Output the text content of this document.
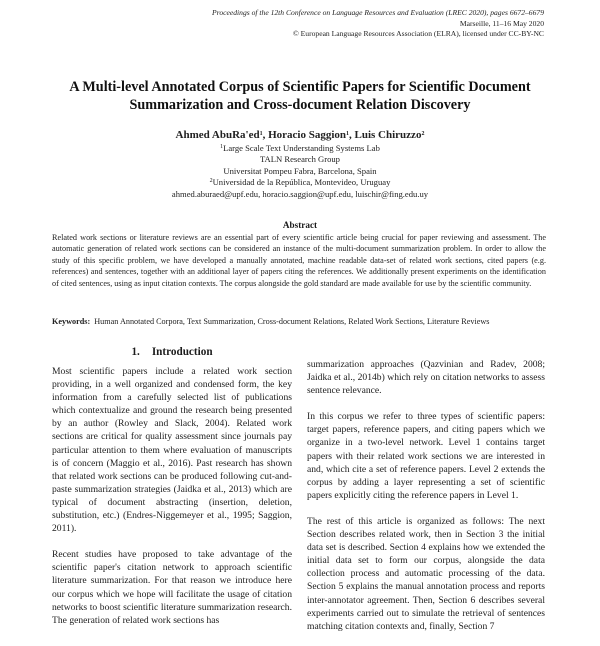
Proceedings of the 12th Conference on Language Resources and Evaluation (LREC 2020), pages 6672–6679
Marseille, 11–16 May 2020
© European Language Resources Association (ELRA), licensed under CC-BY-NC
A Multi-level Annotated Corpus of Scientific Papers for Scientific Document
Summarization and Cross-document Relation Discovery
Ahmed $AbuRa'ed^1$, Horacio Saggion$^1$, Luis Chiruzzo$^2$
$^1$Large Scale Text Understanding Systems Lab
TALN Research Group
Universitat Pompeu Fabra, Barcelona, Spain
$^2$Universidad de la República, Montevideo, Uruguay
ahmed.aburaed@upf.edu, horacio.saggion@upf.edu, luischir@fing.edu.uy
Abstract
Related work sections or literature reviews are an essential part of every scientific article being crucial for paper reviewing and assessment. The automatic generation of related work sections can be considered an instance of the multi-document summarization problem. In order to allow the study of this specific problem, we have developed a manually annotated, machine readable data-set of related work sections, cited papers (e.g. references) and sentences, together with an additional layer of papers citing the references. We additionally present experiments on the identification of cited sentences, using as input citation contexts. The corpus alongside the gold standard are made available for use by the scientific community.
Keywords: Human Annotated Corpora, Text Summarization, Cross-document Relations, Related Work Sections, Literature Reviews
1. Introduction

Most scientific papers include a related work section providing, in a well organized and condensed form, the key information from a carefully selected list of publications which contextualize and ground the research being presented by an author (Rowley and Slack, 2004). Related work sections are critical for quality assessment since journals pay particular attention to them where evaluation of manuscripts is of concern (Maggio et al., 2016). Past research has shown that related work sections can be produced following cut-and-paste summarization strategies (Jaidka et al., 2013) which are typical of document abstracting (insertion, deletion, substitution, etc.) (Endres-Niggemeyer et al., 1995; Saggion, 2011).

Recent studies have proposed to take advantage of the scientific paper's citation network to approach scientific literature summarization. For that reason we introduce here our corpus which we hope will facilitate the usage of citation networks to boost scientific literature summarization research. The generation of related work sections has

summarization approaches (Qazvinian and Radev, 2008; Jaidka et al., 2014b) which rely on citation networks to assess sentence relevance.

In this corpus we refer to three types of scientific papers: target papers, reference papers, and citing papers which we organize in a two-level network. Level 1 contains target papers with their related work sections we are interested in and, which cite a set of reference papers. Level 2 extends the corpus by adding a layer representing a set of scientific papers explicitly citing the reference papers in Level 1.

The rest of this article is organized as follows: The next Section describes related work, then in Section 3 the initial data set is described. Section 4 explains how we extended the initial data set to form our corpus, alongside the data collection process and automatic processing of the data. Section 5 explains the manual annotation process and reports inter-annotator agreement. Then, Section 6 describes several experiments carried out to simulate the retrieval of sentences matching citation contexts and, finally, Section 7
